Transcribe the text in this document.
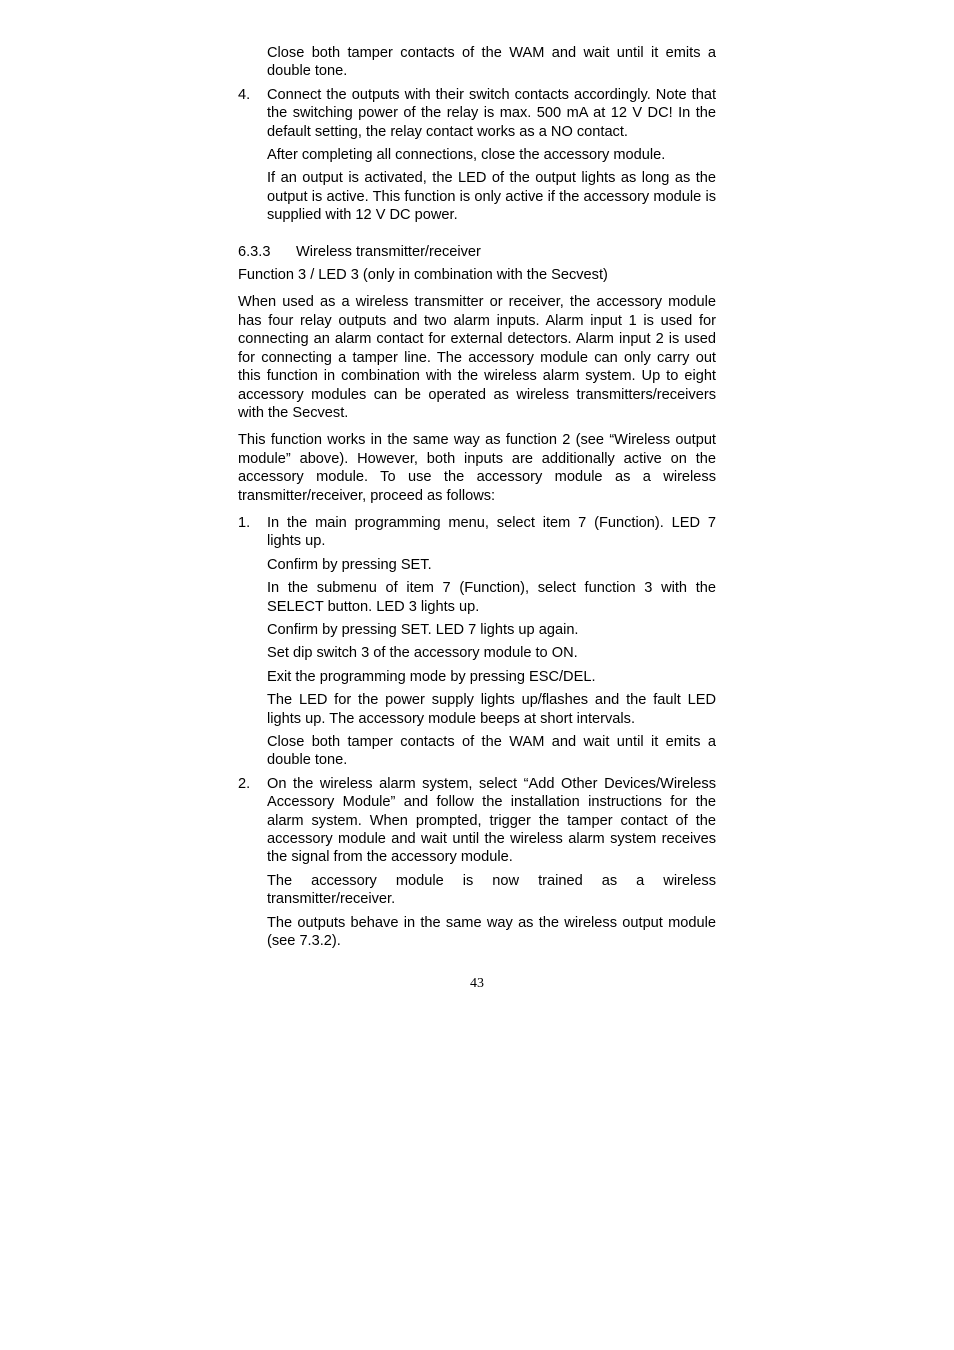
Close both tamper contacts of the WAM and wait until it emits a double tone.

4.	Connect the outputs with their switch contacts accordingly. Note that the switching power of the relay is max. 500 mA at 12 V DC! In the default setting, the relay contact works as a NO contact.

After completing all connections, close the accessory module.

If an output is activated, the LED of the output lights as long as the output is active. This function is only active if the accessory module is supplied with 12 V DC power.

6.3.3	Wireless transmitter/receiver

Function 3 / LED 3 (only in combination with the Secvest)

When used as a wireless transmitter or receiver, the accessory module has four relay outputs and two alarm inputs. Alarm input 1 is used for connecting an alarm contact for external detectors. Alarm input 2 is used for connecting a tamper line. The accessory module can only carry out this function in combination with the wireless alarm system. Up to eight accessory modules can be operated as wireless transmitters/receivers with the Secvest.

This function works in the same way as function 2 (see “Wireless output module” above). However, both inputs are additionally active on the accessory module. To use the accessory module as a wireless transmitter/receiver, proceed as follows:

1.	In the main programming menu, select item 7 (Function). LED 7 lights up.

Confirm by pressing SET.

In the submenu of item 7 (Function), select function 3 with the SELECT button. LED 3 lights up.

Confirm by pressing SET. LED 7 lights up again.

Set dip switch 3 of the accessory module to ON.

Exit the programming mode by pressing ESC/DEL.

The LED for the power supply lights up/flashes and the fault LED lights up. The accessory module beeps at short intervals.

Close both tamper contacts of the WAM and wait until it emits a double tone.

2.	On the wireless alarm system, select “Add Other Devices/Wireless Accessory Module” and follow the installation instructions for the alarm system. When prompted, trigger the tamper contact of the accessory module and wait until the wireless alarm system receives the signal from the accessory module.

The accessory module is now trained as a wireless transmitter/receiver.

The outputs behave in the same way as the wireless output module (see 7.3.2).

43
